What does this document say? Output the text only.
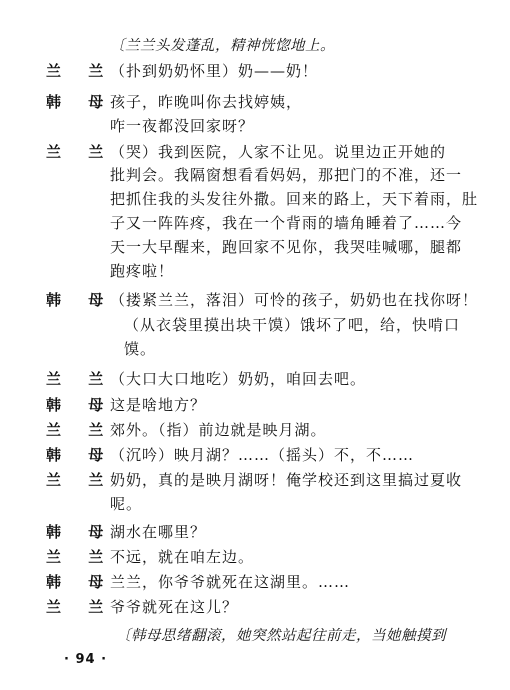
〔兰兰头发蓬乱，精神恍惚地上。
兰 兰
（扑到奶奶怀里）奶——奶！
韩 母
孩子，昨晚叫你去找婷姨，
咋一夜都没回家呀？
兰 兰
（哭）我到医院，人家不让见。说里边正开她的
批判会。我隔窗想看看妈妈，那把门的不准，还一
把抓住我的头发往外撒。回来的路上，天下着雨，肚
子又一阵阵疼，我在一个背雨的墙角睡着了……今
天一大早醒来，跑回家不见你，我哭哇喊哪，腿都
跑疼啦！
韩 母
（搂紧兰兰，落泪）可怜的孩子，奶奶也在找你呀！
（从衣袋里摸出块干馍）饿坏了吧，给，快啃口
馍。
兰 兰
（大口大口地吃）奶奶，咱回去吧。
韩 母
这是啥地方？
兰 兰
郊外。（指）前边就是映月湖。
韩 母
（沉吟）映月湖？……（摇头）不，不……
兰 兰
奶奶，真的是映月湖呀！俺学校还到这里搞过夏收
呢。
韩 母
湖水在哪里？
兰 兰
不远，就在咱左边。
韩 母
兰兰，你爷爷就死在这湖里。……
兰 兰
爷爷就死在这儿？
〔韩母思绪翻滚，她突然站起往前走，当她触摸到
· 94 ·
